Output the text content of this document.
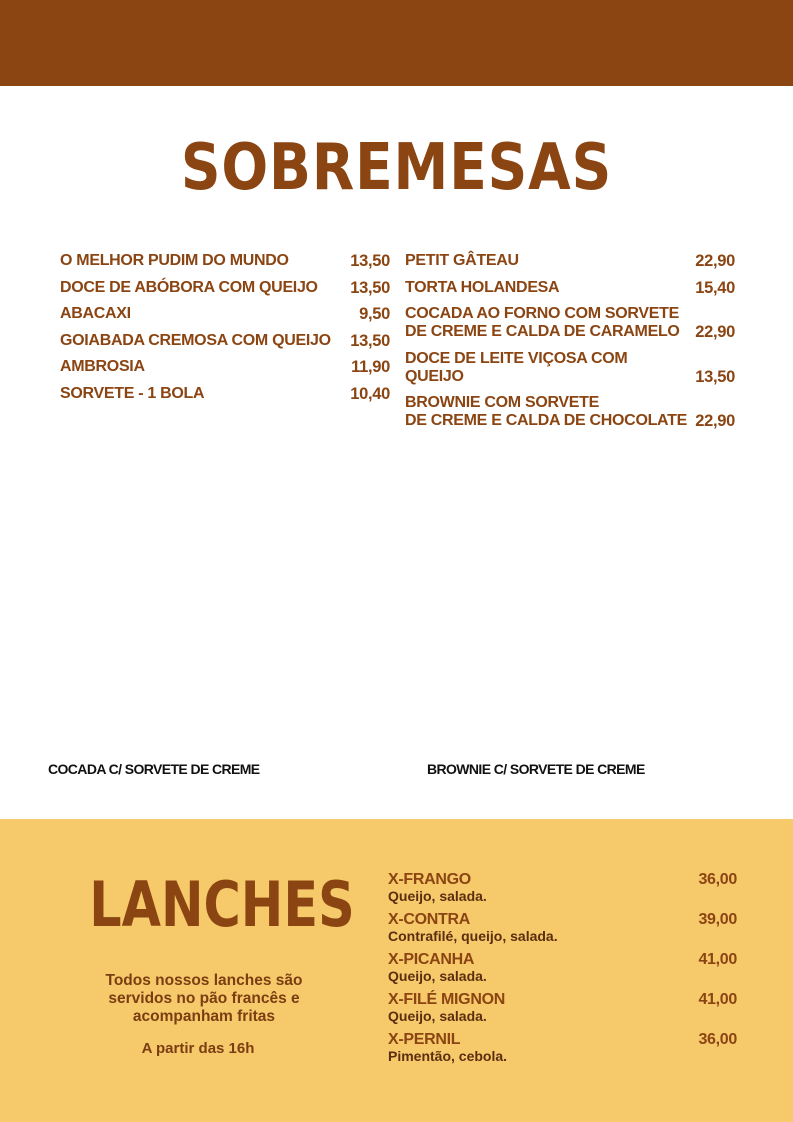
SOBREMESAS
O MELHOR PUDIM DO MUNDO	13,50
DOCE DE ABÓBORA COM QUEIJO	13,50
ABACAXI	9,50
GOIABADA CREMOSA COM QUEIJO	13,50
AMBROSIA	11,90
SORVETE - 1 BOLA	10,40
PETIT GÂTEAU	22,90
TORTA HOLANDESA	15,40
COCADA AO FORNO COM SORVETE
DE CREME E CALDA DE CARAMELO 22,90
DOCE DE LEITE VIÇOSA COM QUEIJO	13,50
BROWNIE COM SORVETE
DE CREME E CALDA DE CHOCOLATE 22,90
COCADA C/ SORVETE DE CREME	BROWNIE C/ SORVETE DE CREME
LANCHES
Todos nossos lanches são servidos no pão francês e acompanham fritas
A partir das 16h
X-FRANGO	36,00
Queijo, salada.
X-CONTRA	39,00
Contrafilé, queijo, salada.
X-PICANHA	41,00
Queijo, salada.
X-FILÉ MIGNON	41,00
Queijo, salada.
X-PERNIL	36,00
Pimentão, cebola.
